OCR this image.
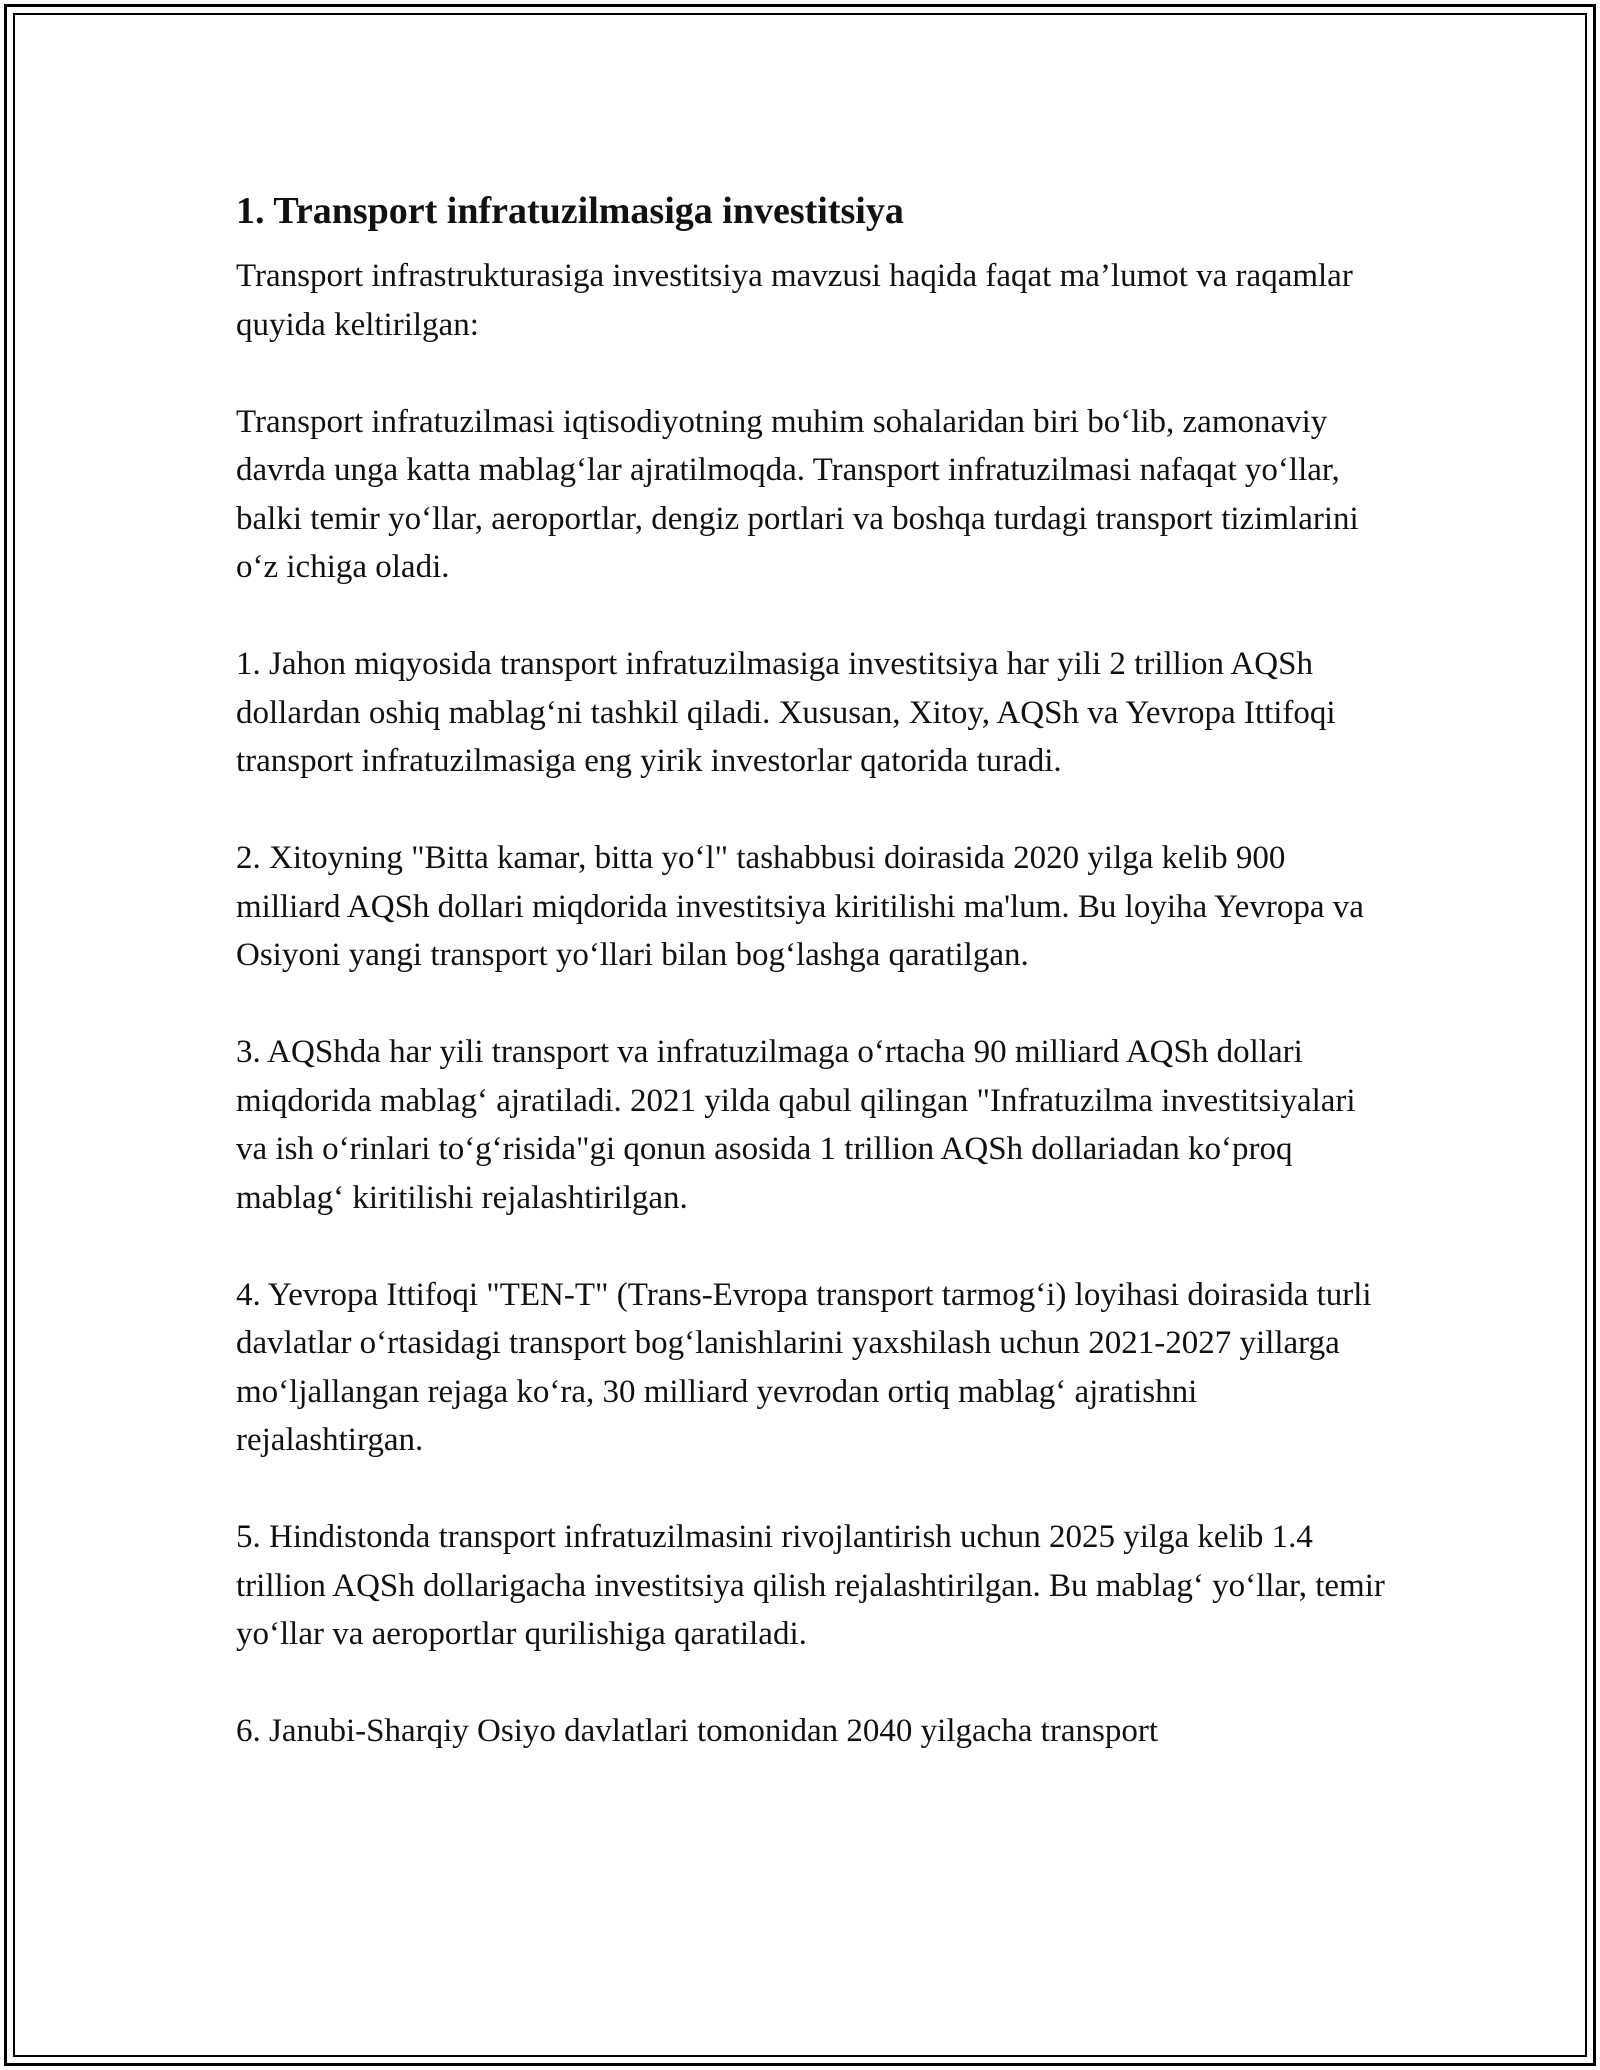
1. Transport infratuzilmasiga investitsiya

Transport infrastrukturasiga investitsiya mavzusi haqida faqat ma’lumot va raqamlar quyida keltirilgan:

Transport infratuzilmasi iqtisodiyotning muhim sohalaridan biri bo‘lib, zamonaviy davrda unga katta mablag‘lar ajratilmoqda. Transport infratuzilmasi nafaqat yo‘llar, balki temir yo‘llar, aeroportlar, dengiz portlari va boshqa turdagi transport tizimlarini o‘z ichiga oladi.

1. Jahon miqyosida transport infratuzilmasiga investitsiya har yili 2 trillion AQSh dollardan oshiq mablag‘ni tashkil qiladi. Xususan, Xitoy, AQSh va Yevropa Ittifoqi transport infratuzilmasiga eng yirik investorlar qatorida turadi.

2. Xitoyning "Bitta kamar, bitta yo‘l" tashabbusi doirasida 2020 yilga kelib 900 milliard AQSh dollari miqdorida investitsiya kiritilishi ma'lum. Bu loyiha Yevropa va Osiyoni yangi transport yo‘llari bilan bog‘lashga qaratilgan.

3. AQShda har yili transport va infratuzilmaga o‘rtacha 90 milliard AQSh dollari miqdorida mablag‘ ajratiladi. 2021 yilda qabul qilingan "Infratuzilma investitsiyalari va ish o‘rinlari to‘g‘risida"gi qonun asosida 1 trillion AQSh dollariadan ko‘proq mablag‘ kiritilishi rejalashtirilgan.

4. Yevropa Ittifoqi "TEN-T" (Trans-Evropa transport tarmog‘i) loyihasi doirasida turli davlatlar o‘rtasidagi transport bog‘lanishlarini yaxshilash uchun 2021-2027 yillarga mo‘ljallangan rejaga ko‘ra, 30 milliard yevrodan ortiq mablag‘ ajratishni rejalashtirgan.

5. Hindistonda transport infratuzilmasini rivojlantirish uchun 2025 yilga kelib 1.4 trillion AQSh dollarigacha investitsiya qilish rejalashtirilgan. Bu mablag‘ yo‘llar, temir yo‘llar va aeroportlar qurilishiga qaratiladi.

6. Janubi-Sharqiy Osiyo davlatlari tomonidan 2040 yilgacha transport
